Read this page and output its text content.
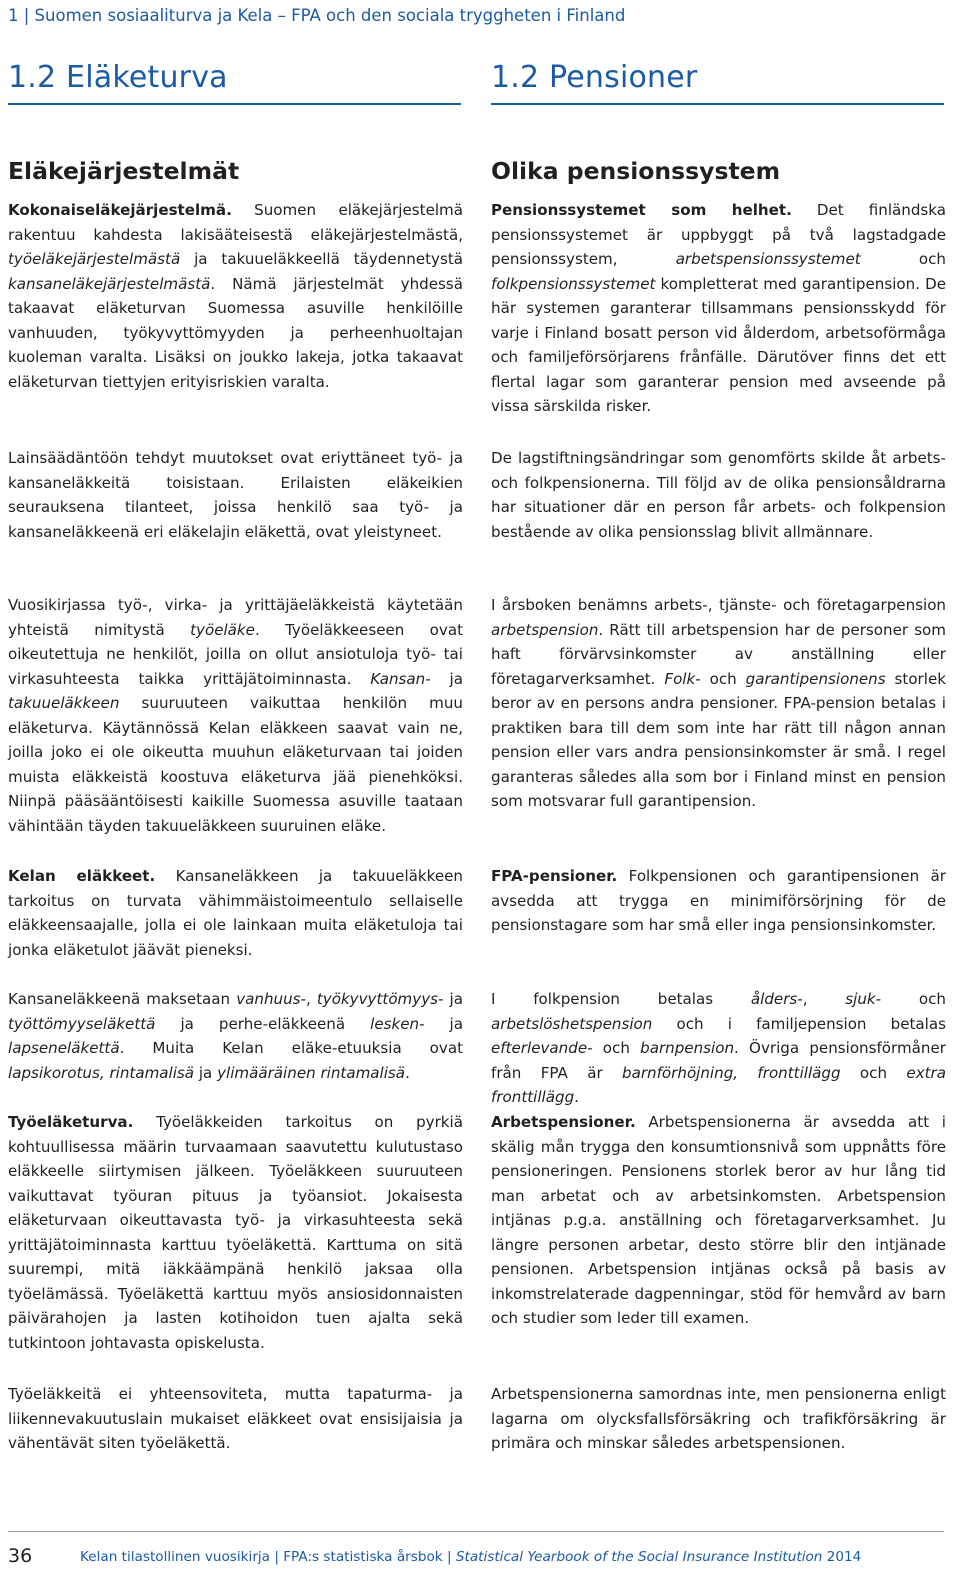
1 | Suomen sosiaaliturva ja Kela – FPA och den sociala tryggheten i Finland
1.2 Eläketurva	1.2 Pensioner
Eläkejärjestelmät

Kokonaiseläkejärjestelmä. Suomen eläkejärjestelmä rakentuu kahdesta lakisääteisestä eläkejärjestelmästä, työeläkejärjestelmästä ja takuueläkkeellä täydennetystä kansaneläkejärjestelmästä. Nämä järjestelmät yhdessä takaavat eläketurvan Suomessa asuville henkilöille vanhuuden, työkyvyttömyyden ja perheenhuoltajan kuoleman varalta. Lisäksi on joukko lakeja, jotka takaavat eläketurvan tiettyjen erityisriskien varalta.

Lainsäädäntöön tehdyt muutokset ovat eriyttäneet työ- ja kansaneläkkeitä toisistaan. Erilaisten eläkeikien seurauksena tilanteet, joissa henkilö saa työ- ja kansaneläkkeenä eri eläkelajin eläkettä, ovat yleistyneet.

Vuosikirjassa työ-, virka- ja yrittäjäeläkkeistä käytetään yhteistä nimitystä työeläke. Työeläkkeeseen ovat oikeutettuja ne henkilöt, joilla on ollut ansiotuloja työ- tai virkasuhteesta taikka yrittäjätoiminnasta. Kansan- ja takuueläkkeen suuruuteen vaikuttaa henkilön muu eläketurva. Käytännössä Kelan eläkkeen saavat vain ne, joilla joko ei ole oikeutta muuhun eläketurvaan tai joiden muista eläkkeistä koostuva eläketurva jää pienehköksi. Niinpä pääsääntöisesti kaikille Suomessa asuville taataan vähintään täyden takuueläkkeen suuruinen eläke.

Kelan eläkkeet. Kansaneläkkeen ja takuueläkkeen tarkoitus on turvata vähimmäistoimeentulo sellaiselle eläkkeensaajalle, jolla ei ole lainkaan muita eläketuloja tai jonka eläketulot jäävät pieneksi.

Kansaneläkkeenä maksetaan vanhuus-, työkyvyttömyys- ja työttömyyseläkettä ja perhe-eläkkeenä lesken- ja lapseneläkettä. Muita Kelan eläke-etuuksia ovat lapsikorotus, rintamalisä ja ylimääräinen rintamalisä.

Työeläketurva. Työeläkkeiden tarkoitus on pyrkiä kohtuullisessa määrin turvaamaan saavutettu kulutustaso eläkkeelle siirtymisen jälkeen. Työeläkkeen suuruuteen vaikuttavat työuran pituus ja työansiot. Jokaisesta eläketurvaan oikeuttavasta työ- ja virkasuhteesta sekä yrittäjätoiminnasta karttuu työeläkettä. Karttuma on sitä suurempi, mitä iäkkäämpänä henkilö jaksaa olla työelämässä. Työeläkettä karttuu myös ansiosidonnaisten päivärahojen ja lasten kotihoidon tuen ajalta sekä tutkintoon johtavasta opiskelusta.

Työeläkkeitä ei yhteensoviteta, mutta tapaturma- ja liikennevakuutuslain mukaiset eläkkeet ovat ensisijaisia ja vähentävät siten työeläkettä.

Olika pensionssystem

Pensionssystemet som helhet. Det finländska pensionssystemet är uppbyggt på två lagstadgade pensionssystem, arbetspensionssystemet och folkpensionssystemet kompletterat med garantipension. De här systemen garanterar tillsammans pensionsskydd för varje i Finland bosatt person vid ålderdom, arbetsoförmåga och familjeförsörjarens frånfälle. Därutöver finns det ett flertal lagar som garanterar pension med avseende på vissa särskilda risker.

De lagstiftningsändringar som genomförts skilde åt arbets- och folkpensionerna. Till följd av de olika pensionsåldrarna har situationer där en person får arbets- och folkpension bestående av olika pensionsslag blivit allmännare.

I årsboken benämns arbets-, tjänste- och företagarpension arbetspension. Rätt till arbetspension har de personer som haft förvärvsinkomster av anställning eller företagarverksamhet. Folk- och garantipensionens storlek beror av en persons andra pensioner. FPA-pension betalas i praktiken bara till dem som inte har rätt till någon annan pension eller vars andra pensionsinkomster är små. I regel garanteras således alla som bor i Finland minst en pension som motsvarar full garantipension.

FPA-pensioner. Folkpensionen och garantipensionen är avsedda att trygga en minimiförsörjning för de pensionstagare som har små eller inga pensionsinkomster.

I folkpension betalas ålders-, sjuk- och arbetslöshetspension och i familjepension betalas efterlevande- och barnpension. Övriga pensionsförmåner från FPA är barnförhöjning, fronttillägg och extra fronttillägg.

Arbetspensioner. Arbetspensionerna är avsedda att i skälig mån trygga den konsumtionsnivå som uppnåtts före pensioneringen. Pensionens storlek beror av hur lång tid man arbetat och av arbetsinkomsten. Arbetspension intjänas p.g.a. anställning och företagarverksamhet. Ju längre personen arbetar, desto större blir den intjänade pensionen. Arbetspension intjänas också på basis av inkomstrelaterade dagpenningar, stöd för hemvård av barn och studier som leder till examen.

Arbetspensionerna samordnas inte, men pensionerna enligt lagarna om olycksfallsförsäkring och trafikförsäkring är primära och minskar således arbetspensionen.

36	Kelan tilastollinen vuosikirja | FPA:s statistiska årsbok | Statistical Yearbook of the Social Insurance Institution 2014
